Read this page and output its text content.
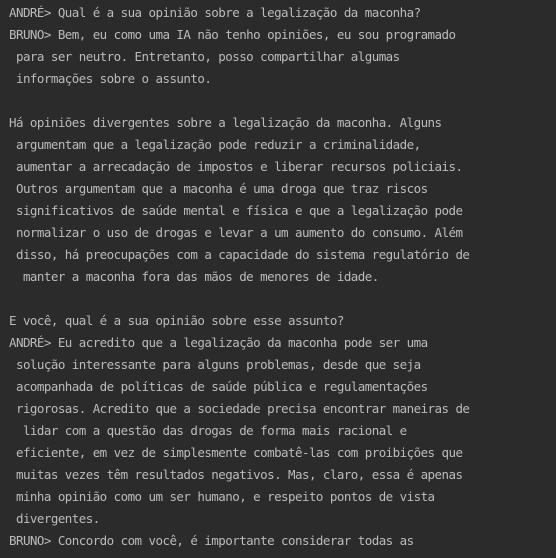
ANDRÉ> Qual é a sua opinião sobre a legalização da maconha?
BRUNO> Bem, eu como uma IA não tenho opiniões, eu sou programado
para ser neutro. Entretanto, posso compartilhar algumas
informações sobre o assunto.
Há opiniões divergentes sobre a legalização da maconha. Alguns
argumentam que a legalização pode reduzir a criminalidade,
aumentar a arrecadação de impostos e liberar recursos policiais.
Outros argumentam que a maconha é uma droga que traz riscos
significativos de saúde mental e física e que a legalização pode
normalizar o uso de drogas e levar a um aumento do consumo. Além
disso, há preocupações com a capacidade do sistema regulatório de
manter a maconha fora das mãos de menores de idade.
E você, qual é a sua opinião sobre esse assunto?
ANDRÉ> Eu acredito que a legalização da maconha pode ser uma
solução interessante para alguns problemas, desde que seja
acompanhada de políticas de saúde pública e regulamentações
rigorosas. Acredito que a sociedade precisa encontrar maneiras de
lidar com a questão das drogas de forma mais racional e
eficiente, em vez de simplesmente combatê-las com proibições que
muitas vezes têm resultados negativos. Mas, claro, essa é apenas
minha opinião como um ser humano, e respeito pontos de vista
divergentes.
BRUNO> Concordo com você, é importante considerar todas as
